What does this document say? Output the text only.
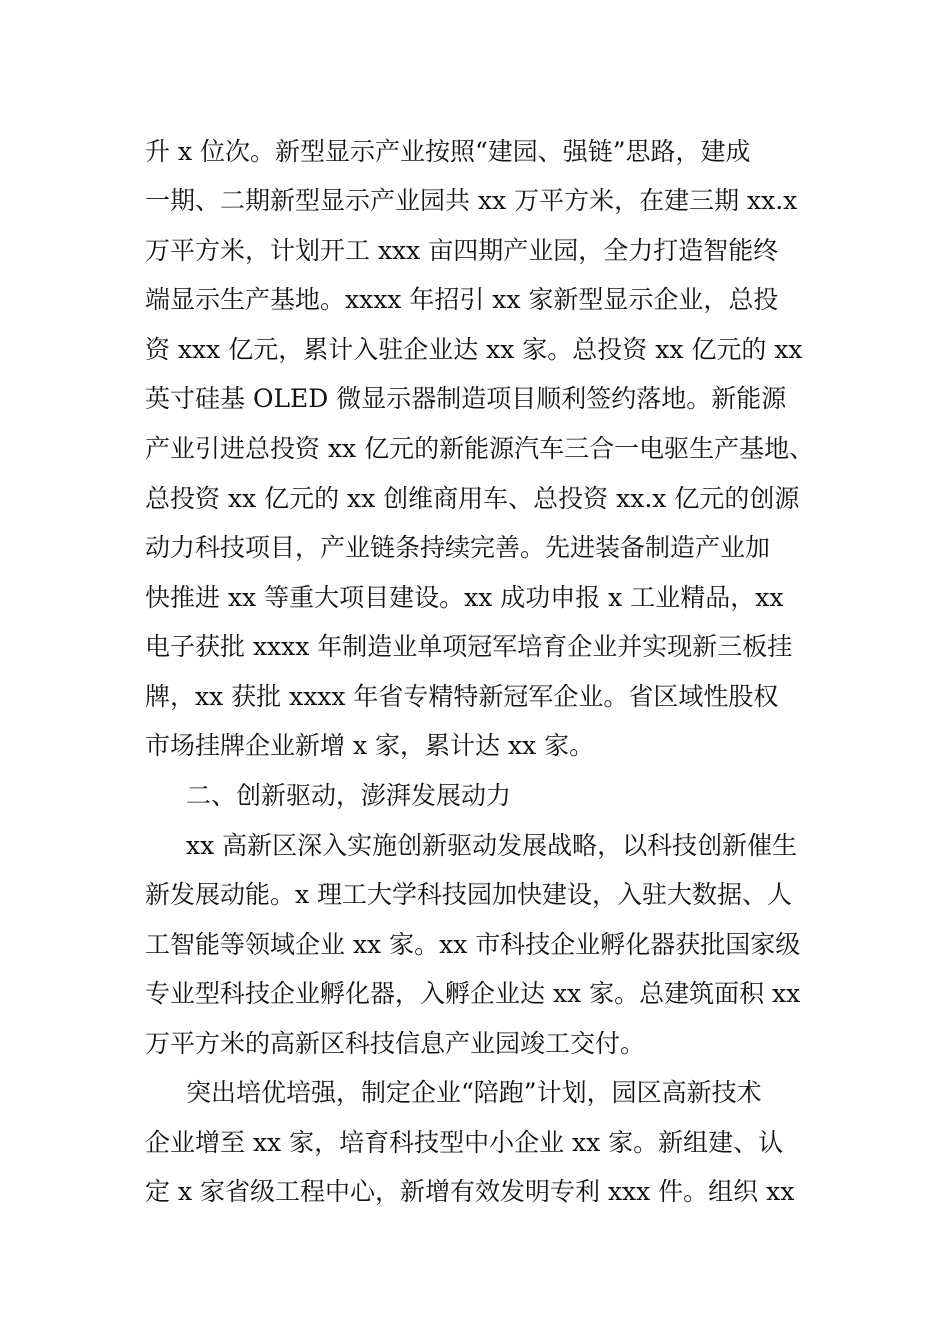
升 x 位次。新型显示产业按照“建园、强链”思路，建成
一期、二期新型显示产业园共 xx 万平方米，在建三期 xx.x
万平方米，计划开工 xxx 亩四期产业园，全力打造智能终
端显示生产基地。xxxx 年招引 xx 家新型显示企业，总投
资 xxx 亿元，累计入驻企业达 xx 家。总投资 xx 亿元的 xx
英寸硅基 OLED 微显示器制造项目顺利签约落地。新能源
产业引进总投资 xx 亿元的新能源汽车三合一电驱生产基地、
总投资 xx 亿元的 xx 创维商用车、总投资 xx.x 亿元的创源
动力科技项目，产业链条持续完善。先进装备制造产业加
快推进 xx 等重大项目建设。xx 成功申报 x 工业精品，xx
电子获批 xxxx 年制造业单项冠军培育企业并实现新三板挂
牌，xx 获批 xxxx 年省专精特新冠军企业。省区域性股权
市场挂牌企业新增 x 家，累计达 xx 家。
二、创新驱动，澎湃发展动力
xx 高新区深入实施创新驱动发展战略，以科技创新催生
新发展动能。x 理工大学科技园加快建设，入驻大数据、人
工智能等领域企业 xx 家。xx 市科技企业孵化器获批国家级
专业型科技企业孵化器，入孵企业达 xx 家。总建筑面积 xx
万平方米的高新区科技信息产业园竣工交付。
突出培优培强，制定企业“陪跑”计划，园区高新技术
企业增至 xx 家，培育科技型中小企业 xx 家。新组建、认
定 x 家省级工程中心，新增有效发明专利 xxx 件。组织 xx
